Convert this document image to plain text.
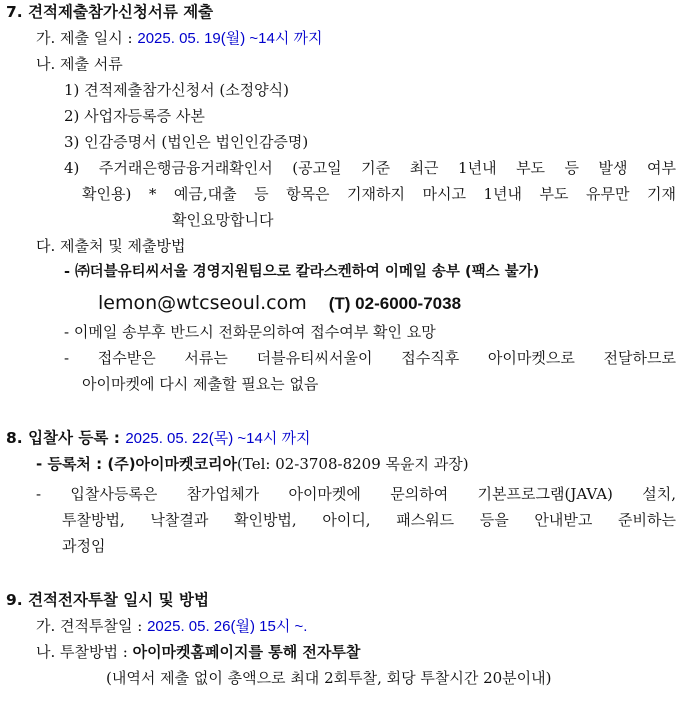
7. 견적제출참가신청서류 제출
가. 제출 일시 : 2025. 05. 19(월) ~14시 까지
나. 제출 서류
1) 견적제출참가신청서 (소정양식)
2) 사업자등록증 사본
3) 인감증명서 (법인은 법인인감증명)
4) 주거래은행금융거래확인서 (공고일 기준 최근 1년내 부도 등 발생 여부
확인용) * 예금,대출 등 항목은 기재하지 마시고 1년내 부도 유무만 기재
확인요망합니다
다. 제출처 및 제출방법
- ㈜더블유티씨서울 경영지원팀으로 칼라스켄하여 이메일 송부 (팩스 불가)
lemon@wtcseoul.com (T) 02-6000-7038
- 이메일 송부후 반드시 전화문의하여 접수여부 확인 요망
- 접수받은 서류는 더블유티씨서울이 접수직후 아이마켓으로 전달하므로
아이마켓에 다시 제출할 필요는 없음
8. 입찰사 등록 : 2025. 05. 22(목) ~14시 까지
- 등록처 : (주)아이마켓코리아(Tel: 02-3708-8209 목윤지 과장)
- 입찰사등록은 참가업체가 아이마켓에 문의하여 기본프로그램(JAVA) 설치,
투찰방법, 낙찰결과 확인방법, 아이디, 패스워드 등을 안내받고 준비하는
과정임
9. 견적전자투찰 일시 및 방법
가. 견적투찰일 : 2025. 05. 26(월) 15시 ~.
나. 투찰방법 : 아이마켓홈페이지를 통해 전자투찰
(내역서 제출 없이 총액으로 최대 2회투찰, 회당 투찰시간 20분이내)
